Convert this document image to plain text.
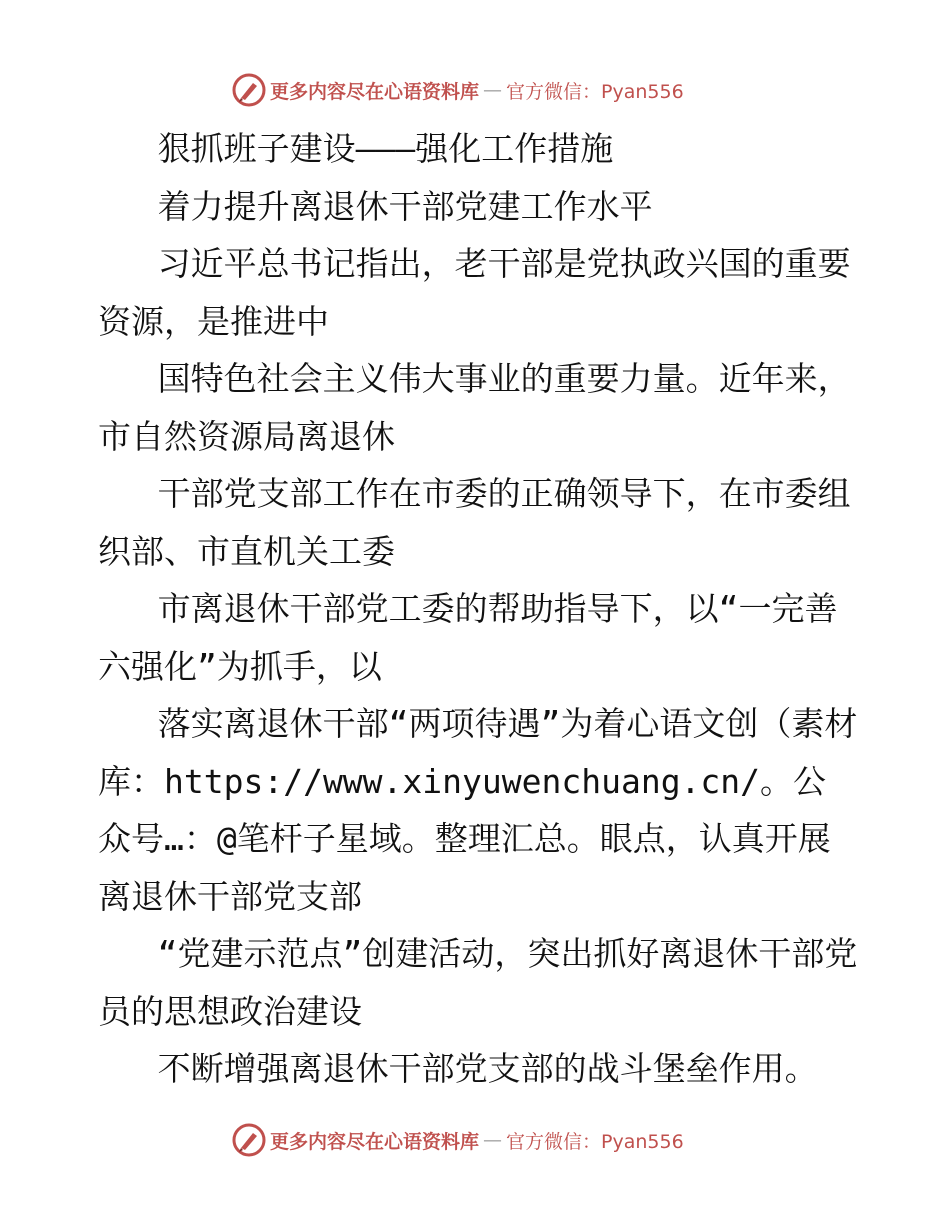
更多内容尽在心语资料库 — 官方微信：Pyan556

狠抓班子建设———强化工作措施

着力提升离退休干部党建工作水平

习近平总书记指出，老干部是党执政兴国的重要资源，是推进中

国特色社会主义伟大事业的重要力量。近年来，市自然资源局离退休

干部党支部工作在市委的正确领导下，在市委组织部、市直机关工委

市离退休干部党工委的帮助指导下，以“一完善六强化”为抓手，以

落实离退休干部“两项待遇”为着心语文创（素材库：https://www.xinyuwenchuang.cn/。公众号…：@笔杆子星域。整理汇总。眼点，认真开展离退休干部党支部

“党建示范点”创建活动，突出抓好离退休干部党员的思想政治建设

不断增强离退休干部党支部的战斗堡垒作用。

更多内容尽在心语资料库 — 官方微信：Pyan556
